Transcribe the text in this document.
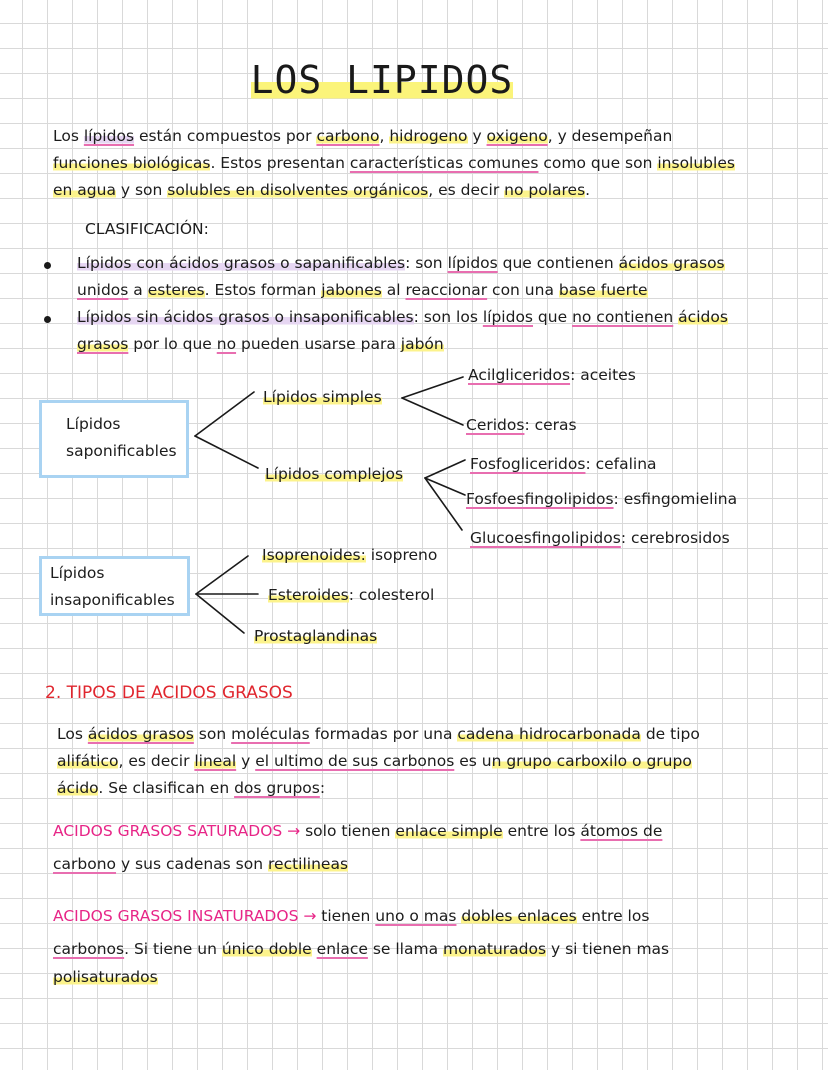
LOS LIPIDOS
Los lípidos están compuestos por carbono, hidrogeno y oxigeno, y desempeñan
funciones biológicas. Estos presentan características comunes como que son insolubles
en agua y son solubles en disolventes orgánicos, es decir no polares.
CLASIFICACIÓN:
Lípidos con ácidos grasos o sapanificables: son lípidos que contienen ácidos grasos
unidos a esteres. Estos forman jabones al reaccionar con una base fuerte
Lípidos sin ácidos grasos o insaponificables: son los lípidos que no contienen ácidos
grasos por lo que no pueden usarse para jabón
Lípidos
saponificables
Lípidos simples
Lípidos complejos
Acilgliceridos: aceites
Ceridos: ceras
Fosfogliceridos: cefalina
Fosfoesfingolipidos: esfingomielina
Glucoesfingolipidos: cerebrosidos
Lípidos
insaponificables
Isoprenoides: isopreno
Esteroides: colesterol
Prostaglandinas
2. TIPOS DE ACIDOS GRASOS
Los ácidos grasos son moléculas formadas por una cadena hidrocarbonada de tipo
alifático, es decir lineal y el ultimo de sus carbonos es un grupo carboxilo o grupo
ácido. Se clasifican en dos grupos:
ACIDOS GRASOS SATURADOS → solo tienen enlace simple entre los átomos de
carbono y sus cadenas son rectilineas
ACIDOS GRASOS INSATURADOS → tienen uno o mas dobles enlaces entre los
carbonos. Si tiene un único doble enlace se llama monaturados y si tienen mas
polisaturados
